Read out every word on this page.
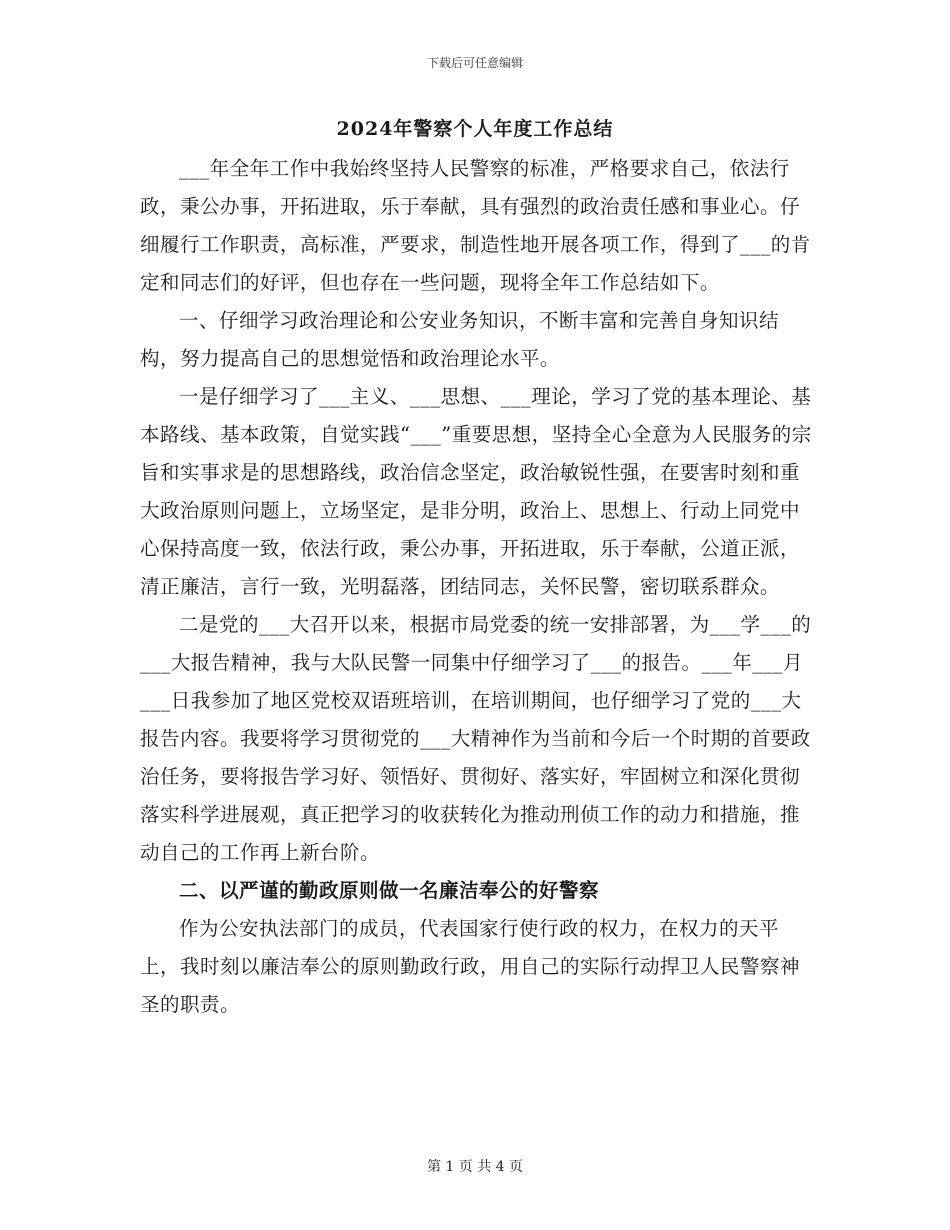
下载后可任意编辑
2024年警察个人年度工作总结

___年全年工作中我始终坚持人民警察的标准，严格要求自己，依法行政，秉公办事，开拓进取，乐于奉献，具有强烈的政治责任感和事业心。仔细履行工作职责，高标准，严要求，制造性地开展各项工作，得到了___的肯定和同志们的好评，但也存在一些问题，现将全年工作总结如下。

一、仔细学习政治理论和公安业务知识，不断丰富和完善自身知识结构，努力提高自己的思想觉悟和政治理论水平。

一是仔细学习了___主义、___思想、___理论，学习了党的基本理论、基本路线、基本政策，自觉实践“___”重要思想，坚持全心全意为人民服务的宗旨和实事求是的思想路线，政治信念坚定，政治敏锐性强，在要害时刻和重大政治原则问题上，立场坚定，是非分明，政治上、思想上、行动上同党中心保持高度一致，依法行政，秉公办事，开拓进取，乐于奉献，公道正派，清正廉洁，言行一致，光明磊落，团结同志，关怀民警，密切联系群众。

二是党的___大召开以来，根据市局党委的统一安排部署，为___学___的___大报告精神，我与大队民警一同集中仔细学习了___的报告。___年___月___日我参加了地区党校双语班培训，在培训期间，也仔细学习了党的___大报告内容。我要将学习贯彻党的___大精神作为当前和今后一个时期的首要政治任务，要将报告学习好、领悟好、贯彻好、落实好，牢固树立和深化贯彻落实科学进展观，真正把学习的收获转化为推动刑侦工作的动力和措施，推动自己的工作再上新台阶。

二、以严谨的勤政原则做一名廉洁奉公的好警察

作为公安执法部门的成员，代表国家行使行政的权力，在权力的天平上，我时刻以廉洁奉公的原则勤政行政，用自己的实际行动捍卫人民警察神圣的职责。

第 1 页 共 4 页
